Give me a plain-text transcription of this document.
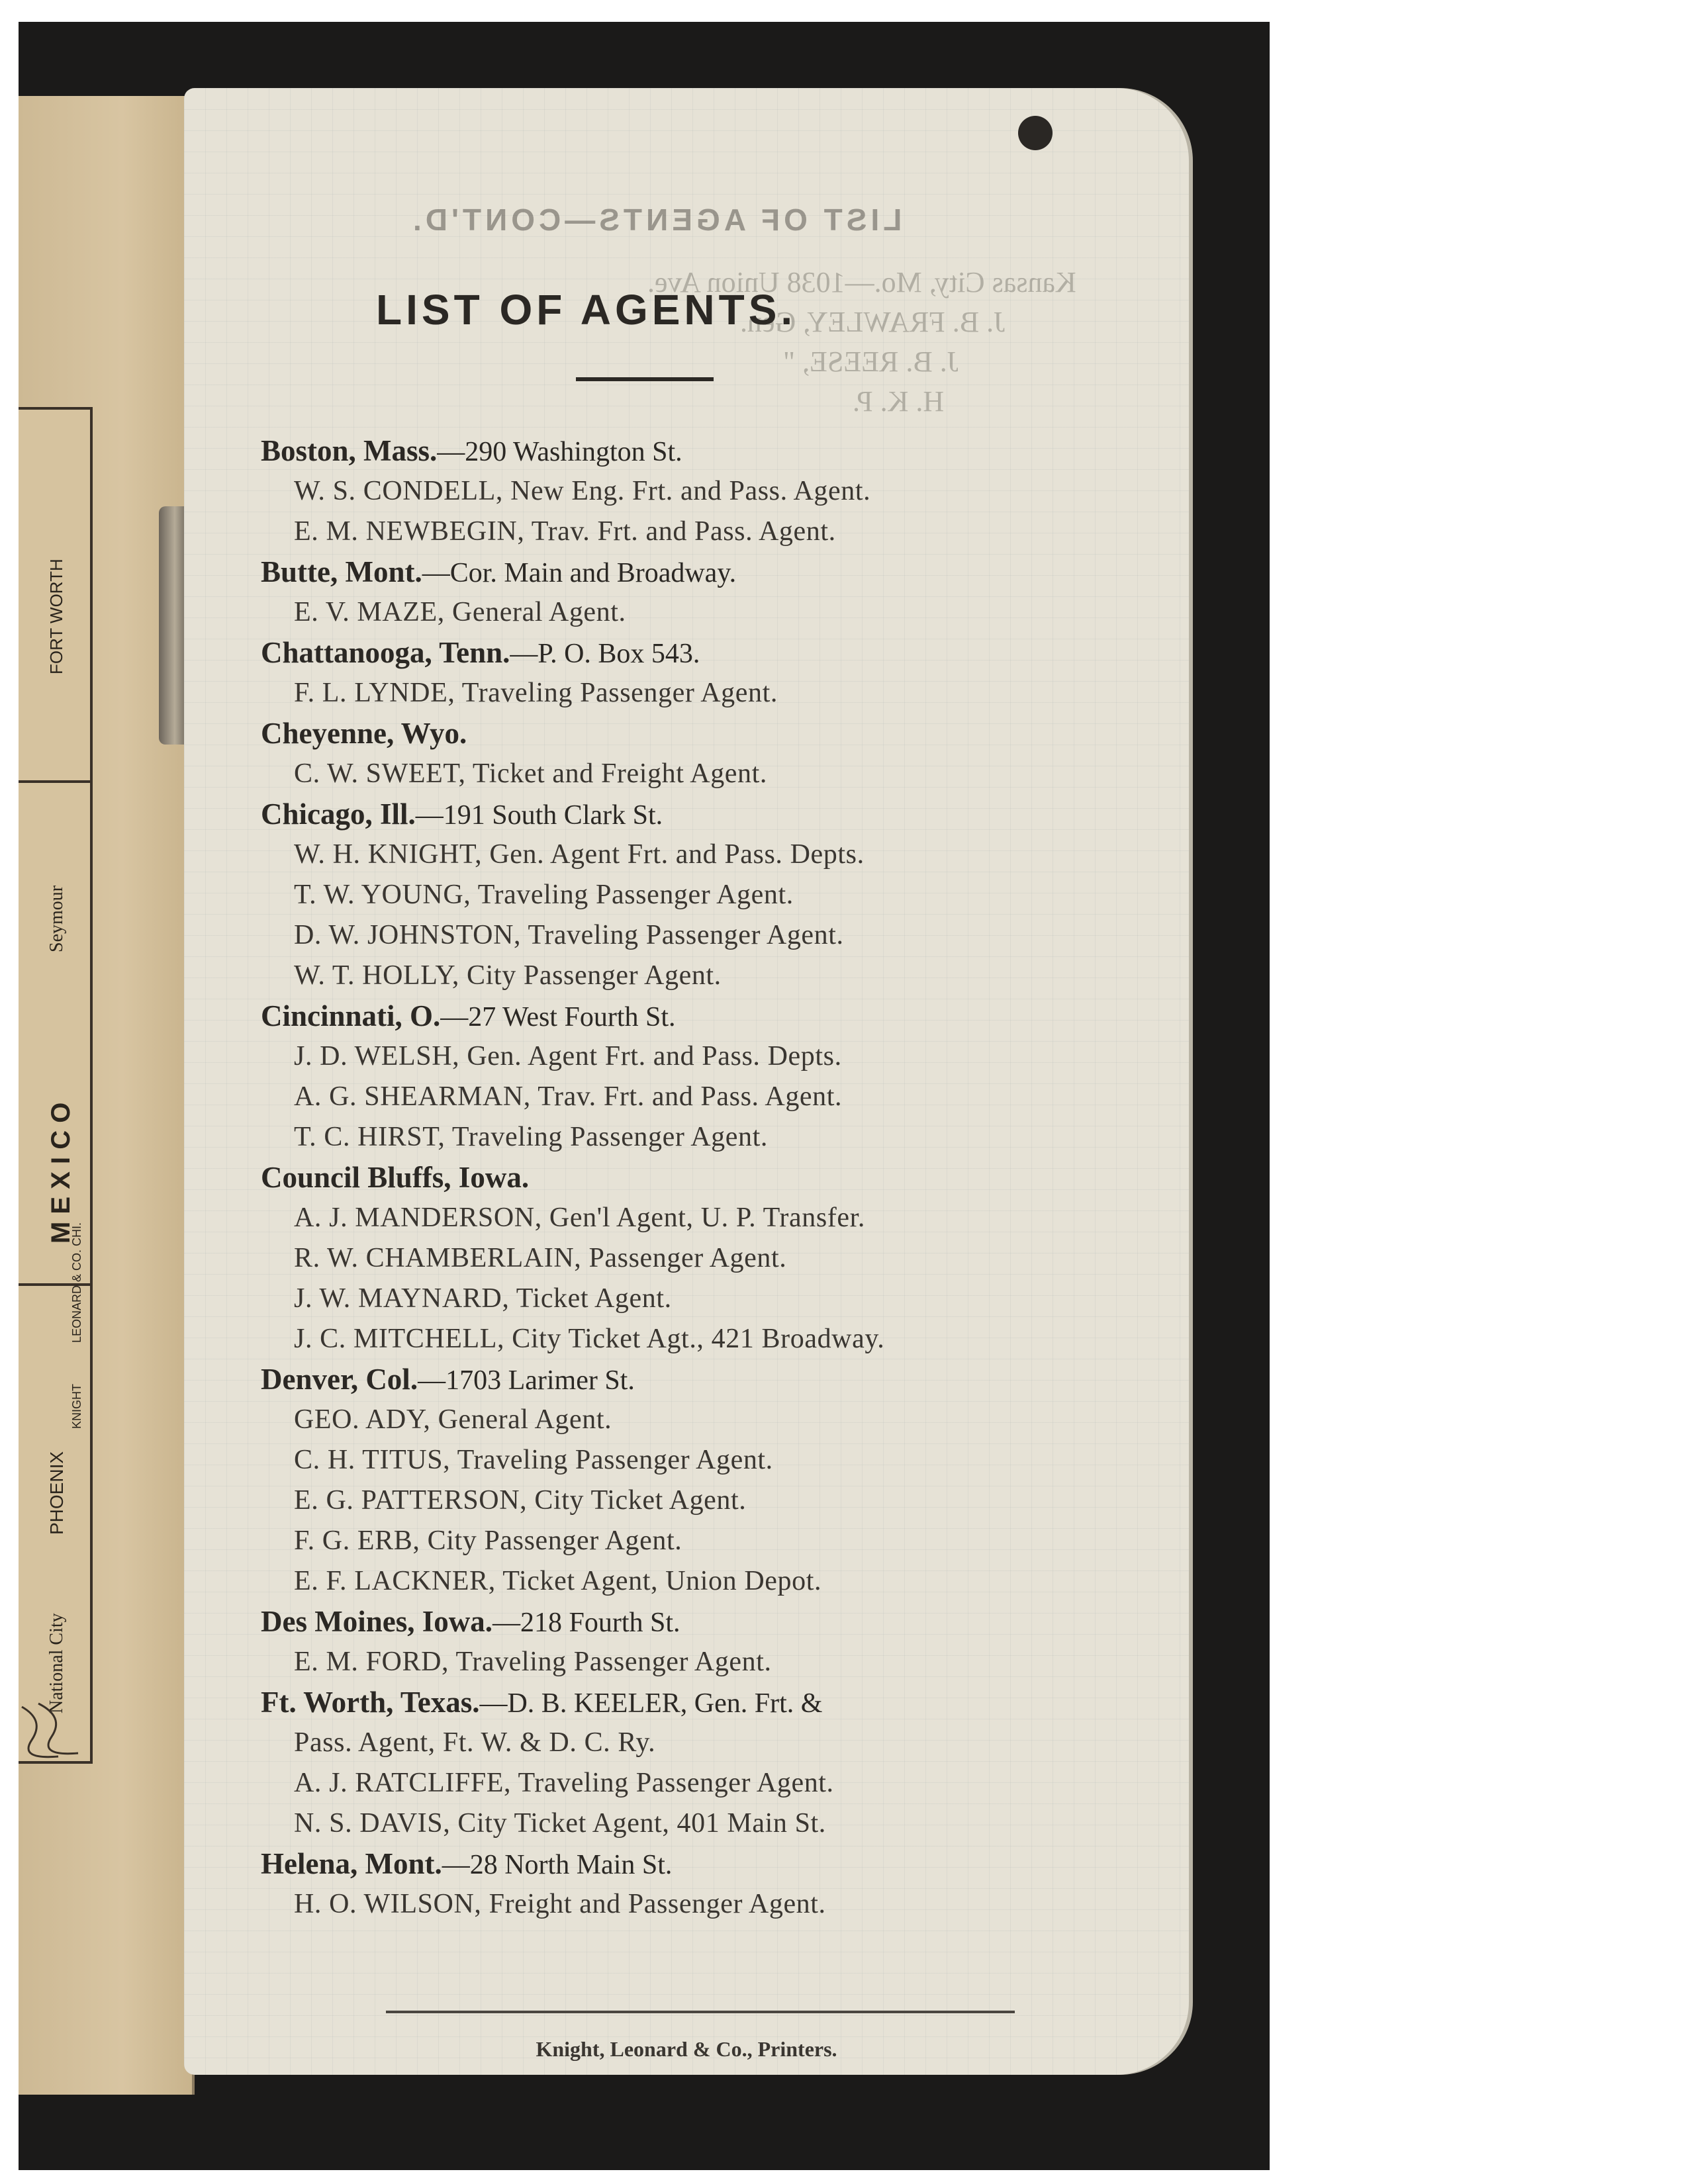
FORT WORTH
Seymour
M E X I C O
LEONARD & CO. CHI.
KNIGHT
PHOENIX
National City
LIST OF AGENTS—CONT'D.
Kansas City, Mo.—1038 Union Ave.
J. B. FRAWLEY, Gen.
J. B. REESE, "
H. K. P.
LIST OF AGENTS.
Boston, Mass.—290 Washington St.
W. S. CONDELL, New Eng. Frt. and Pass. Agent.
E. M. NEWBEGIN, Trav. Frt. and Pass. Agent.
Butte, Mont.—Cor. Main and Broadway.
E. V. MAZE, General Agent.
Chattanooga, Tenn.—P. O. Box 543.
F. L. LYNDE, Traveling Passenger Agent.
Cheyenne, Wyo.
C. W. SWEET, Ticket and Freight Agent.
Chicago, Ill.—191 South Clark St.
W. H. KNIGHT, Gen. Agent Frt. and Pass. Depts.
T. W. YOUNG, Traveling Passenger Agent.
D. W. JOHNSTON, Traveling Passenger Agent.
W. T. HOLLY, City Passenger Agent.
Cincinnati, O.—27 West Fourth St.
J. D. WELSH, Gen. Agent Frt. and Pass. Depts.
A. G. SHEARMAN, Trav. Frt. and Pass. Agent.
T. C. HIRST, Traveling Passenger Agent.
Council Bluffs, Iowa.
A. J. MANDERSON, Gen'l Agent, U. P. Transfer.
R. W. CHAMBERLAIN, Passenger Agent.
J. W. MAYNARD, Ticket Agent.
J. C. MITCHELL, City Ticket Agt., 421 Broadway.
Denver, Col.—1703 Larimer St.
GEO. ADY, General Agent.
C. H. TITUS, Traveling Passenger Agent.
E. G. PATTERSON, City Ticket Agent.
F. G. ERB, City Passenger Agent.
E. F. LACKNER, Ticket Agent, Union Depot.
Des Moines, Iowa.—218 Fourth St.
E. M. FORD, Traveling Passenger Agent.
Ft. Worth, Texas.—D. B. KEELER, Gen. Frt. &
Pass. Agent, Ft. W. & D. C. Ry.
A. J. RATCLIFFE, Traveling Passenger Agent.
N. S. DAVIS, City Ticket Agent, 401 Main St.
Helena, Mont.—28 North Main St.
H. O. WILSON, Freight and Passenger Agent.
Knight, Leonard & Co., Printers.
